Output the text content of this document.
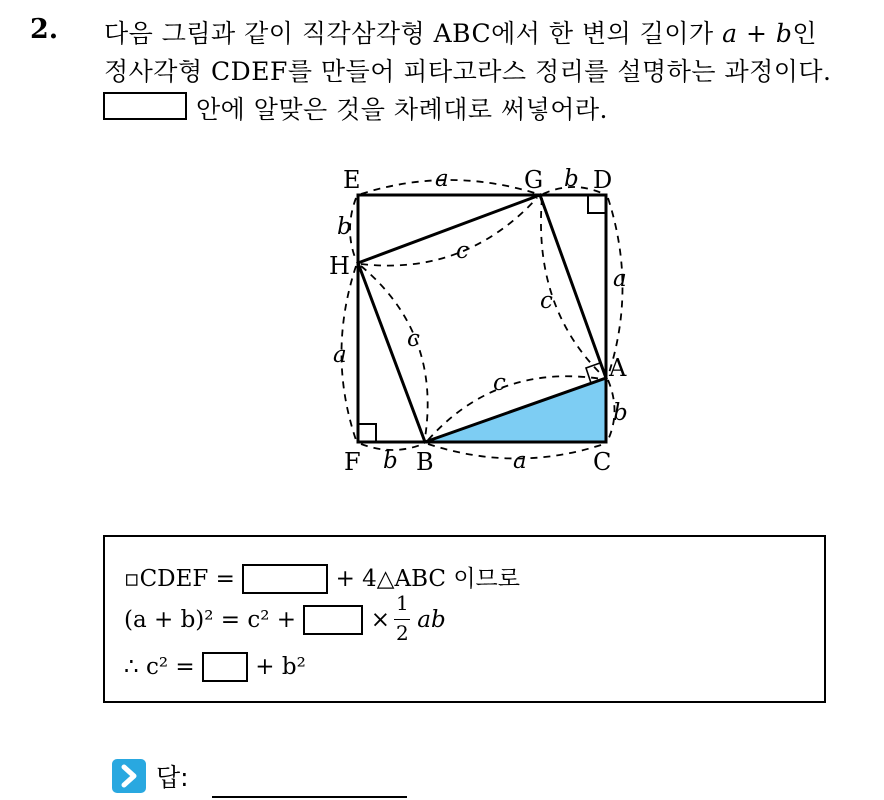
2. 다음 그림과 같이 직각삼각형 ABC에서 한 변의 길이가 a + b인
정사각형 CDEF를 만들어 피타고라스 정리를 설명하는 과정이다.
안에 알맞은 것을 차례대로 써넣어라.
E	G D
H
A
F B	C
a	b
b
a
a
b
b	a
c
c
c
c
▫CDEF =	+ 4△ABC 이므로
(a + b)² = c² +	× ab
1
2
∴ c² =  + b²
답:
